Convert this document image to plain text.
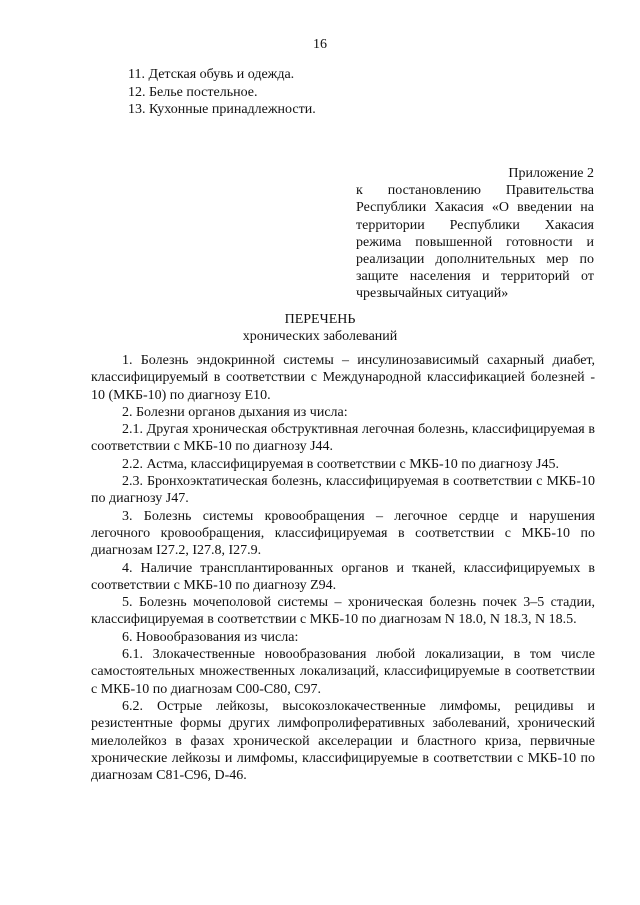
16
11. Детская обувь и одежда.
12. Белье постельное.
13. Кухонные принадлежности.
Приложение 2
к постановлению Правительства
Республики Хакасия «О введении на
территории Республики Хакасия
режима повышенной готовности и
реализации дополнительных мер по
защите населения и территорий от
чрезвычайных ситуаций»
ПЕРЕЧЕНЬ
хронических заболеваний

1. Болезнь эндокринной системы – инсулинозависимый сахарный диабет, классифицируемый в соответствии с Международной классификацией болезней - 10 (МКБ-10) по диагнозу E10.

2. Болезни органов дыхания из числа:

2.1. Другая хроническая обструктивная легочная болезнь, классифицируемая в соответствии с МКБ-10 по диагнозу J44.

2.2. Астма, классифицируемая в соответствии с МКБ-10 по диагнозу J45.

2.3. Бронхоэктатическая болезнь, классифицируемая в соответствии с МКБ-10 по диагнозу J47.

3. Болезнь системы кровообращения – легочное сердце и нарушения легочного кровообращения, классифицируемая в соответствии с МКБ-10 по диагнозам I27.2, I27.8, I27.9.

4. Наличие трансплантированных органов и тканей, классифицируемых в соответствии с МКБ-10 по диагнозу Z94.

5. Болезнь мочеполовой системы – хроническая болезнь почек 3–5 стадии, классифицируемая в соответствии с МКБ-10 по диагнозам N 18.0, N 18.3, N 18.5.

6. Новообразования из числа:

6.1. Злокачественные новообразования любой локализации, в том числе самостоятельных множественных локализаций, классифицируемые в соответствии с МКБ-10 по диагнозам С00-С80, С97.

6.2. Острые лейкозы, высокозлокачественные лимфомы, рецидивы и резистентные формы других лимфопролиферативных заболеваний, хронический миелолейкоз в фазах хронической акселерации и бластного криза, первичные хронические лейкозы и лимфомы, классифицируемые в соответствии с МКБ-10 по диагнозам С81-С96, D-46.
